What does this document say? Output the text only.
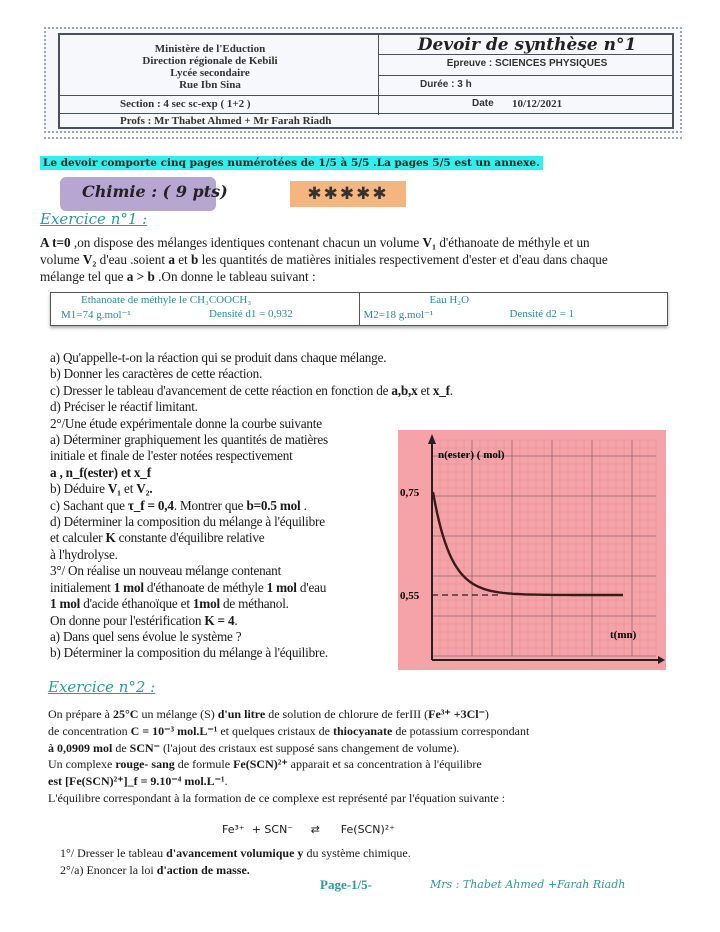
Ministère de l'Eduction
Direction régionale de Kebili
Lycée secondaire
Rue Ibn Sina
Section : 4 sec sc-exp ( 1+2 )
Profs : Mr Thabet Ahmed + Mr Farah Riadh
Devoir de synthèse n°1
Epreuve : SCIENCES PHYSIQUES
Durée : 3 h
Date 10/12/2021
Le devoir comporte cinq pages numérotées de 1/5 à 5/5 .La pages 5/5 est un annexe.
Chimie : ( 9 pts)	✱✱✱✱✱
Exercice n°1 :
A t=0 ,on dispose des mélanges identiques contenant chacun un volume V₁ d'éthanoate de méthyle et un
volume V₂ d'eau .soient a et b les quantités de matières initiales respectivement d'ester et d'eau dans chaque
mélange tel que a > b .On donne le tableau suivant :
Ethanoate de méthyle le CH₃COOCH₃
M1=74 g.mol⁻¹	Densité d1 = 0,932
Eau H₂O
M2=18 g.mol⁻¹	Densité d2 = 1
a) Qu'appelle-t-on la réaction qui se produit dans chaque mélange.
b) Donner les caractères de cette réaction.
c) Dresser le tableau d'avancement de cette réaction en fonction de a,b,x et x_f.
d) Préciser le réactif limitant.
2°/Une étude expérimentale donne la courbe suivante
a) Déterminer graphiquement les quantités de matières
initiale et finale de l'ester notées respectivement
a , n_f(ester) et x_f
b) Déduire V₁ et V₂.
c) Sachant que τ_f = 0,4. Montrer que b=0.5 mol .
d) Déterminer la composition du mélange à l'équilibre
et calculer K constante d'équilibre relative
à l'hydrolyse.
3°/ On réalise un nouveau mélange contenant
initialement 1 mol d'éthanoate de méthyle 1 mol d'eau
1 mol d'acide éthanoïque et 1mol de méthanol.
On donne pour l'estérification K = 4.
a) Dans quel sens évolue le système ?
b) Déterminer la composition du mélange à l'équilibre.
0,75
0,55
n(ester) ( mol)
t(mn)
Exercice n°2 :
On prépare à 25°C un mélange (S) d'un litre de solution de chlorure de ferIII (Fe³⁺ +3Cl⁻)
de concentration C = 10⁻³ mol.L⁻¹ et quelques cristaux de thiocyanate de potassium correspondant
à 0,0909 mol de SCN⁻ (l'ajout des cristaux est supposé sans changement de volume).
Un complexe rouge- sang de formule Fe(SCN)²⁺ apparait et sa concentration à l'équilibre
est [Fe(SCN)²⁺]_f = 9.10⁻⁴ mol.L⁻¹.
L'équilibre correspondant à la formation de ce complexe est représenté par l'équation suivante :
Fe³⁺  + SCN⁻     ⇄      Fe(SCN)²⁺
1°/ Dresser le tableau d'avancement volumique y du système chimique.
2°/a) Enoncer la loi d'action de masse.
Page-1/5-	Mrs : Thabet Ahmed +Farah Riadh
